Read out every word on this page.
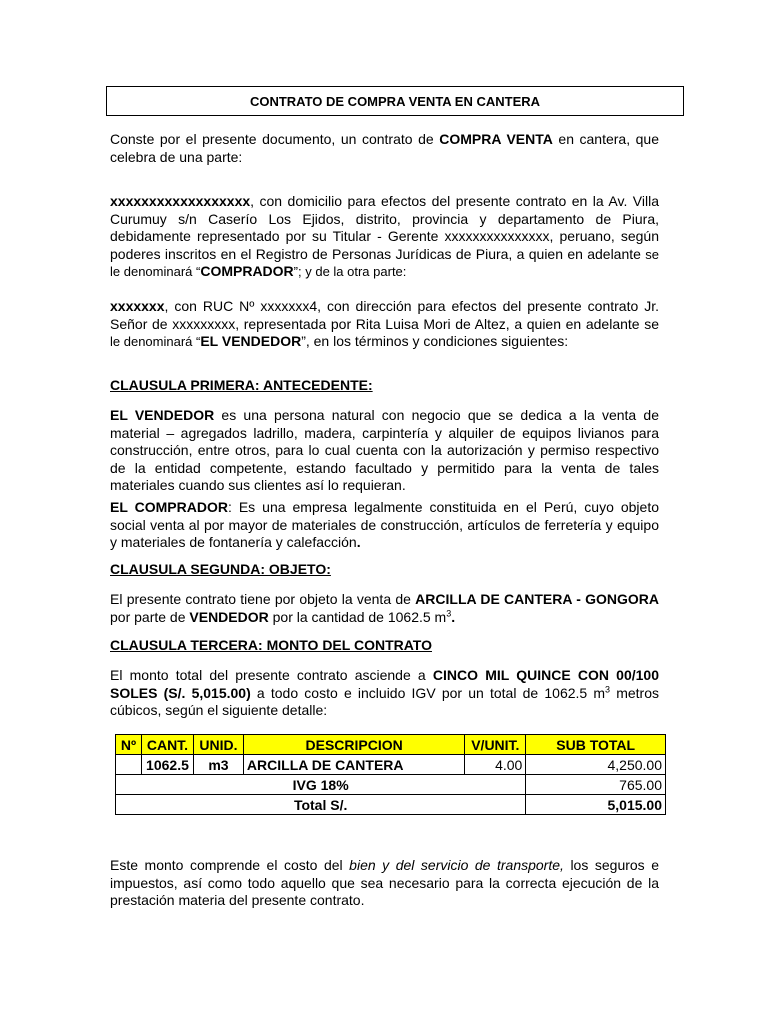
CONTRATO DE COMPRA VENTA EN CANTERA
Conste por el presente documento, un contrato de COMPRA VENTA en cantera, que celebra de una parte:
xxxxxxxxxxxxxxxxxx, con domicilio para efectos del presente contrato en la Av. Villa Curumuy s/n Caserío Los Ejidos, distrito, provincia y departamento de Piura, debidamente representado por su Titular - Gerente xxxxxxxxxxxxxxx, peruano, según poderes inscritos en el Registro de Personas Jurídicas de Piura, a quien en adelante se le denominará “COMPRADOR”; y de la otra parte:
xxxxxxx, con RUC Nº xxxxxxx4, con dirección para efectos del presente contrato Jr. Señor de xxxxxxxxx, representada por Rita Luisa Mori de Altez, a quien en adelante se le denominará “EL VENDEDOR”, en los términos y condiciones siguientes:
CLAUSULA PRIMERA: ANTECEDENTE:
EL VENDEDOR es una persona natural con negocio que se dedica a la venta de material – agregados ladrillo, madera, carpintería y alquiler de equipos livianos para construcción, entre otros, para lo cual cuenta con la autorización y permiso respectivo de la entidad competente, estando facultado y permitido para la venta de tales materiales cuando sus clientes así lo requieran.
EL COMPRADOR: Es una empresa legalmente constituida en el Perú, cuyo objeto social venta al por mayor de materiales de construcción, artículos de ferretería y equipo y materiales de fontanería y calefacción.
CLAUSULA SEGUNDA: OBJETO:
El presente contrato tiene por objeto la venta de ARCILLA DE CANTERA - GONGORA por parte de VENDEDOR por la cantidad de 1062.5 $m^3$.
CLAUSULA TERCERA: MONTO DEL CONTRATO
El monto total del presente contrato asciende a CINCO MIL QUINCE CON 00/100 SOLES (S/. 5,015.00) a todo costo e incluido IGV por un total de 1062.5 $m^3$ metros cúbicos, según el siguiente detalle:
Nº	CANT.	UNID.	DESCRIPCION	V/UNIT.	SUB TOTAL
	1062.5	m3	ARCILLA DE CANTERA	4.00	4,250.00
IVG 18%					765.00
Total S/.					5,015.00
Este monto comprende el costo del bien y del servicio de transporte, los seguros e impuestos, así como todo aquello que sea necesario para la correcta ejecución de la prestación materia del presente contrato.
